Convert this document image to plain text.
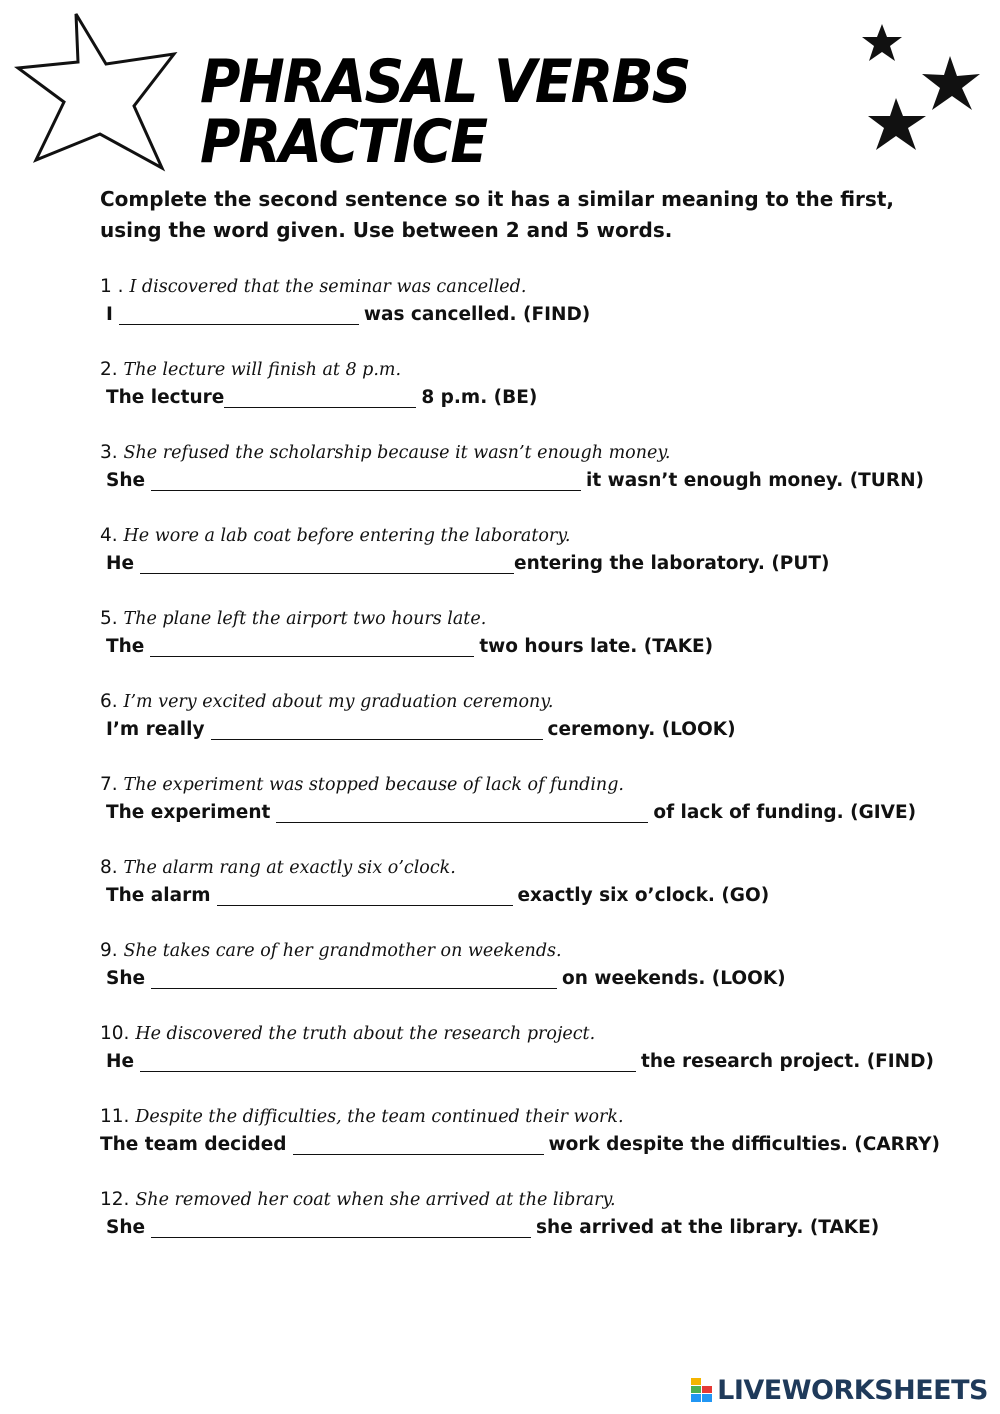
PHRASAL VERBS PRACTICE

Complete the second sentence so it has a similar meaning to the first, using the word given. Use between 2 and 5 words.

1 . I discovered that the seminar was cancelled.
I	was cancelled. (FIND)
2. The lecture will finish at 8 p.m.
The lecture	8 p.m. (BE)
3. She refused the scholarship because it wasn’t enough money.
She	it wasn’t enough money. (TURN)
4. He wore a lab coat before entering the laboratory.
He	entering the laboratory. (PUT)
5. The plane left the airport two hours late.
The	two hours late. (TAKE)
6. I’m very excited about my graduation ceremony.
I’m really	ceremony. (LOOK)
7. The experiment was stopped because of lack of funding.
The experiment	of lack of funding. (GIVE)
8. The alarm rang at exactly six o’clock.
The alarm	exactly six o’clock. (GO)
9. She takes care of her grandmother on weekends.
She	on weekends. (LOOK)
10. He discovered the truth about the research project.
He	the research project. (FIND)
11. Despite the difficulties, the team continued their work.
The team decided	work despite the difficulties. (CARRY)
12. She removed her coat when she arrived at the library.
She	she arrived at the library. (TAKE)
LIVEWORKSHEETS
